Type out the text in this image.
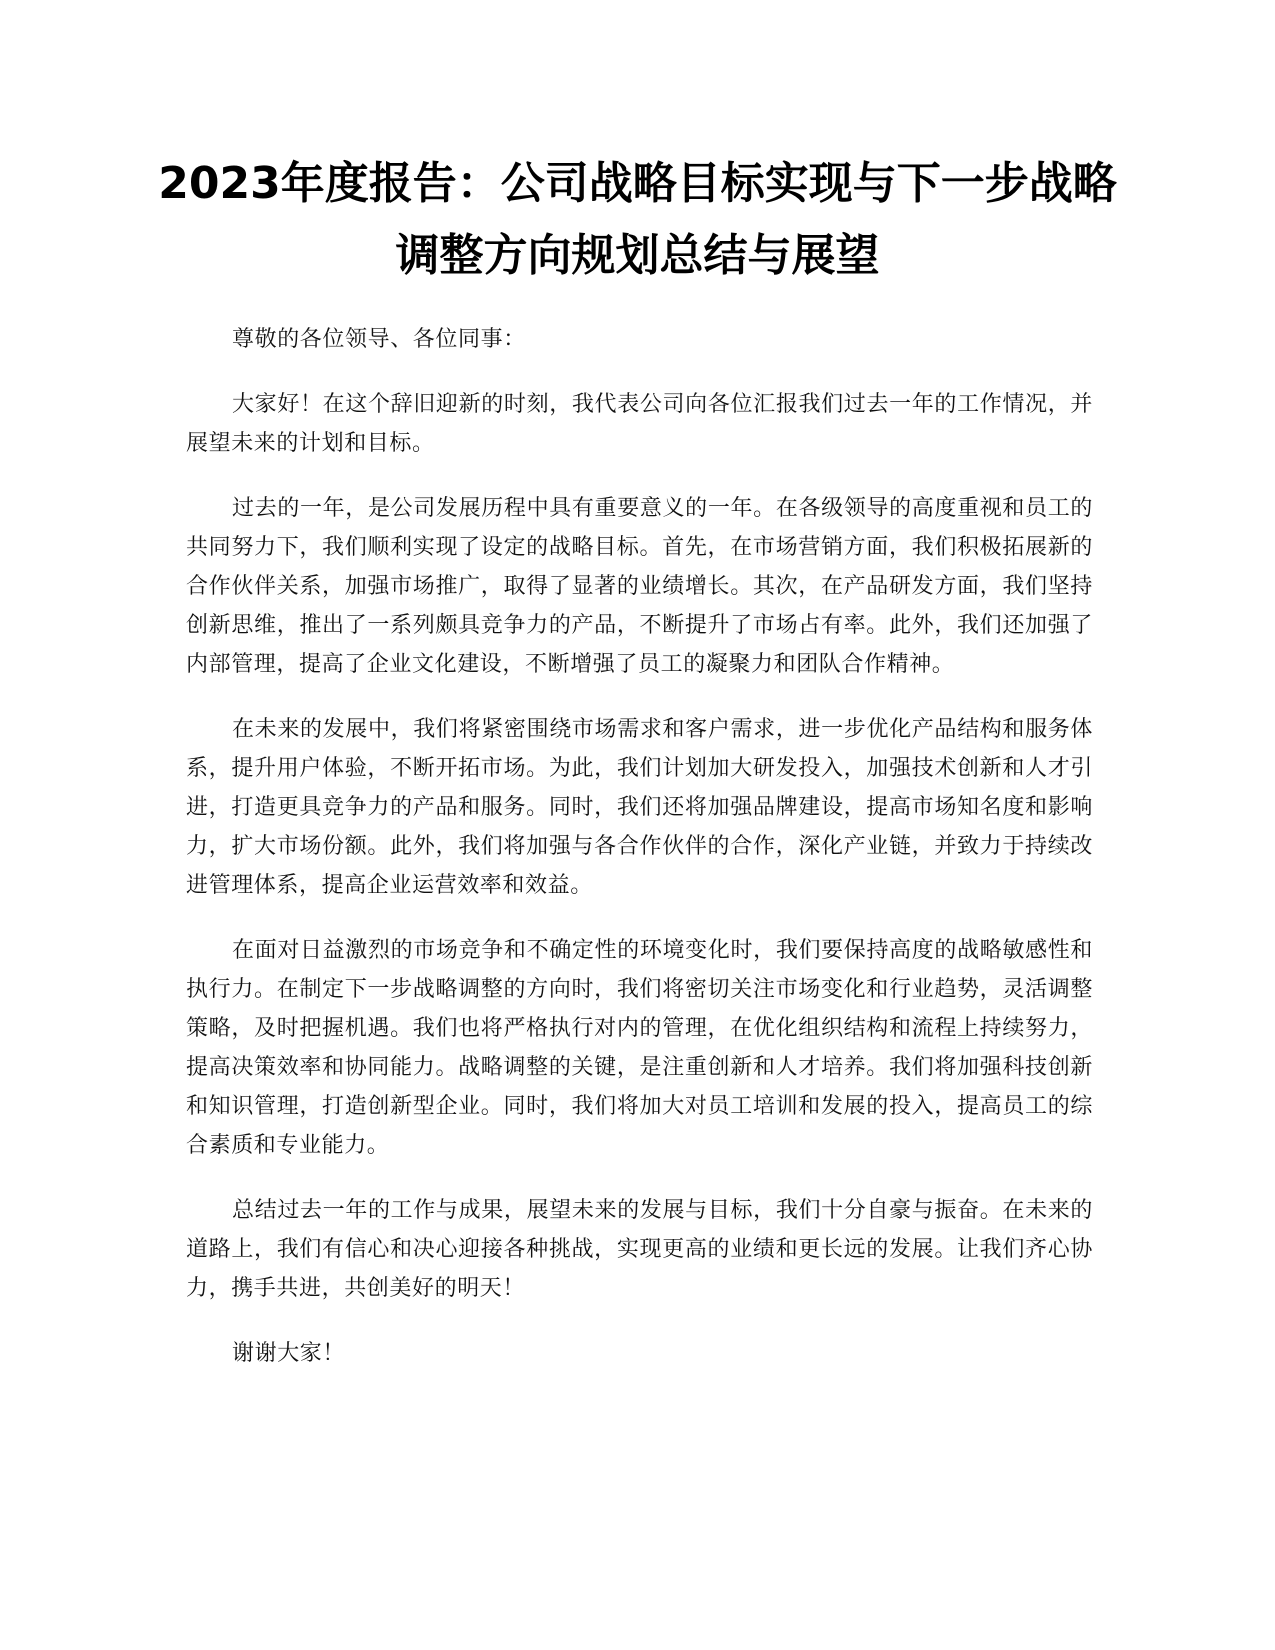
2023年度报告：公司战略目标实现与下一步战略调整方向规划总结与展望

尊敬的各位领导、各位同事：

大家好！在这个辞旧迎新的时刻，我代表公司向各位汇报我们过去一年的工作情况，并展望未来的计划和目标。

过去的一年，是公司发展历程中具有重要意义的一年。在各级领导的高度重视和员工的共同努力下，我们顺利实现了设定的战略目标。首先，在市场营销方面，我们积极拓展新的合作伙伴关系，加强市场推广，取得了显著的业绩增长。其次，在产品研发方面，我们坚持创新思维，推出了一系列颇具竞争力的产品，不断提升了市场占有率。此外，我们还加强了内部管理，提高了企业文化建设，不断增强了员工的凝聚力和团队合作精神。

在未来的发展中，我们将紧密围绕市场需求和客户需求，进一步优化产品结构和服务体系，提升用户体验，不断开拓市场。为此，我们计划加大研发投入，加强技术创新和人才引进，打造更具竞争力的产品和服务。同时，我们还将加强品牌建设，提高市场知名度和影响力，扩大市场份额。此外，我们将加强与各合作伙伴的合作，深化产业链，并致力于持续改进管理体系，提高企业运营效率和效益。

在面对日益激烈的市场竞争和不确定性的环境变化时，我们要保持高度的战略敏感性和执行力。在制定下一步战略调整的方向时，我们将密切关注市场变化和行业趋势，灵活调整策略，及时把握机遇。我们也将严格执行对内的管理，在优化组织结构和流程上持续努力，提高决策效率和协同能力。战略调整的关键，是注重创新和人才培养。我们将加强科技创新和知识管理，打造创新型企业。同时，我们将加大对员工培训和发展的投入，提高员工的综合素质和专业能力。

总结过去一年的工作与成果，展望未来的发展与目标，我们十分自豪与振奋。在未来的道路上，我们有信心和决心迎接各种挑战，实现更高的业绩和更长远的发展。让我们齐心协力，携手共进，共创美好的明天！

谢谢大家！
